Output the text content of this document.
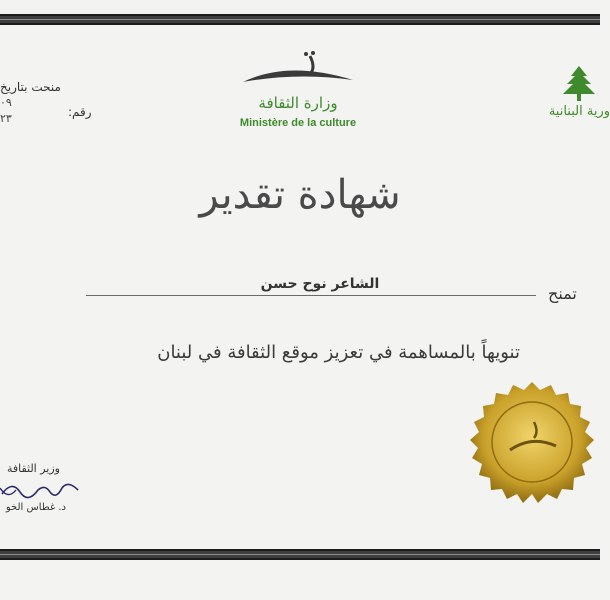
منحت بتاريخ
٠٩
رقم:
٢٣
وزارة الثقافة
Ministère de la culture
ورية البنانية
شهادة تقدير
تمنح
الشاعر نوح حسن
تنويهاً بالمساهمة في تعزيز موقع الثقافة في لبنان
وزير الثقافة
د. غطاس الخو
